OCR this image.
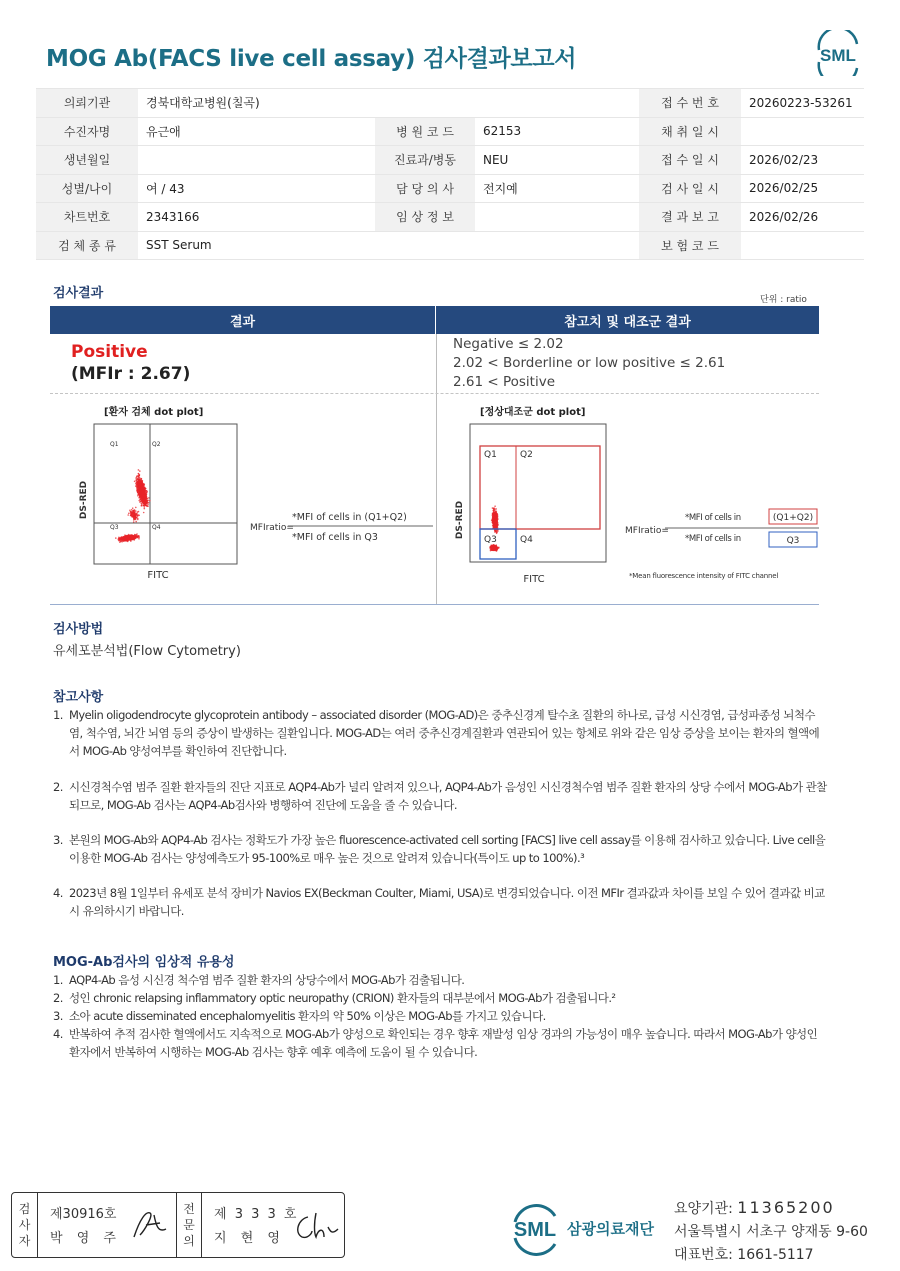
MOG Ab(FACS live cell assay) 검사결과보고서	SML
의뢰기관	경북대학교병원(칠곡)			접 수 번 호	20260223-53261
수진자명	유근애	병 원 코 드	62153	채 취 일 시	
생년월일		진료과/병동	NEU	접 수 일 시	2026/02/23
성별/나이	여 / 43	담 당 의 사	전지예	검 사 일 시	2026/02/25
차트번호	2343166	임 상 정 보		결 과 보 고	2026/02/26
검 체 종 류	SST Serum			보 험 코 드	
검사결과	단위 : ratio
결과	참고치 및 대조군 결과
Positive
(MFIr : 2.67)
Negative ≤ 2.02
2.02 < Borderline or low positive ≤ 2.61
2.61 < Positive
[환자 검체 dot plot]
Q1	Q2
Q3	Q4
DS-RED
FITC
MFIratio=
*MFI of cells in (Q1+Q2)
*MFI of cells in Q3
[정상대조군 dot plot]
Q1	Q2
Q3	Q4
DS-RED
FITC
MFIratio=
*MFI of cells in	(Q1+Q2)
*MFI of cells in	Q3
*Mean fluorescence intensity of FITC channel
검사방법
유세포분석법(Flow Cytometry)
참고사항
1. Myelin oligodendrocyte glycoprotein antibody – associated disorder (MOG-AD)은 중추신경계 탈수초 질환의 하나로, 급성 시신경염, 급성파종성 뇌척수염, 척수염, 뇌간 뇌염 등의 증상이 발생하는 질환입니다. MOG-AD는 여러 중추신경계질환과 연관되어 있는 항체로 위와 같은 임상 증상을 보이는 환자의 혈액에서 MOG-Ab 양성여부를 확인하여 진단합니다.
2. 시신경척수염 범주 질환 환자들의 진단 지표로 AQP4-Ab가 널리 알려져 있으나, AQP4-Ab가 음성인 시신경척수염 범주 질환 환자의 상당 수에서 MOG-Ab가 관찰되므로, MOG-Ab 검사는 AQP4-Ab검사와 병행하여 진단에 도움을 줄 수 있습니다.
3. 본원의 MOG-Ab와 AQP4-Ab 검사는 정확도가 가장 높은 fluorescence-activated cell sorting [FACS] live cell assay를 이용해 검사하고 있습니다. Live cell을 이용한 MOG-Ab 검사는 양성예측도가 95-100%로 매우 높은 것으로 알려져 있습니다(특이도 up to 100%).³
4. 2023년 8월 1일부터 유세포 분석 장비가 Navios EX(Beckman Coulter, Miami, USA)로 변경되었습니다. 이전 MFIr 결과값과 차이를 보일 수 있어 결과값 비교 시 유의하시기 바랍니다.
MOG-Ab검사의 임상적 유용성
1. AQP4-Ab 음성 시신경 척수염 범주 질환 환자의 상당수에서 MOG-Ab가 검출됩니다.
2. 성인 chronic relapsing inflammatory optic neuropathy (CRION) 환자들의 대부분에서 MOG-Ab가 검출됩니다.²
3. 소아 acute disseminated encephalomyelitis 환자의 약 50% 이상은 MOG-Ab를 가지고 있습니다.
4. 반복하여 추적 검사한 혈액에서도 지속적으로 MOG-Ab가 양성으로 확인되는 경우 향후 재발성 임상 경과의 가능성이 매우 높습니다. 따라서 MOG-Ab가 양성인 환자에서 반복하여 시행하는 MOG-Ab 검사는 향후 예후 예측에 도움이 될 수 있습니다.
검
사
자
제30916호
박 영 주
전
문
의
제 3 3 3 호
지 현 영	SML 삼광의료재단
요양기관: 11365200
서울특별시 서초구 양재동 9-60
대표번호: 1661-5117
